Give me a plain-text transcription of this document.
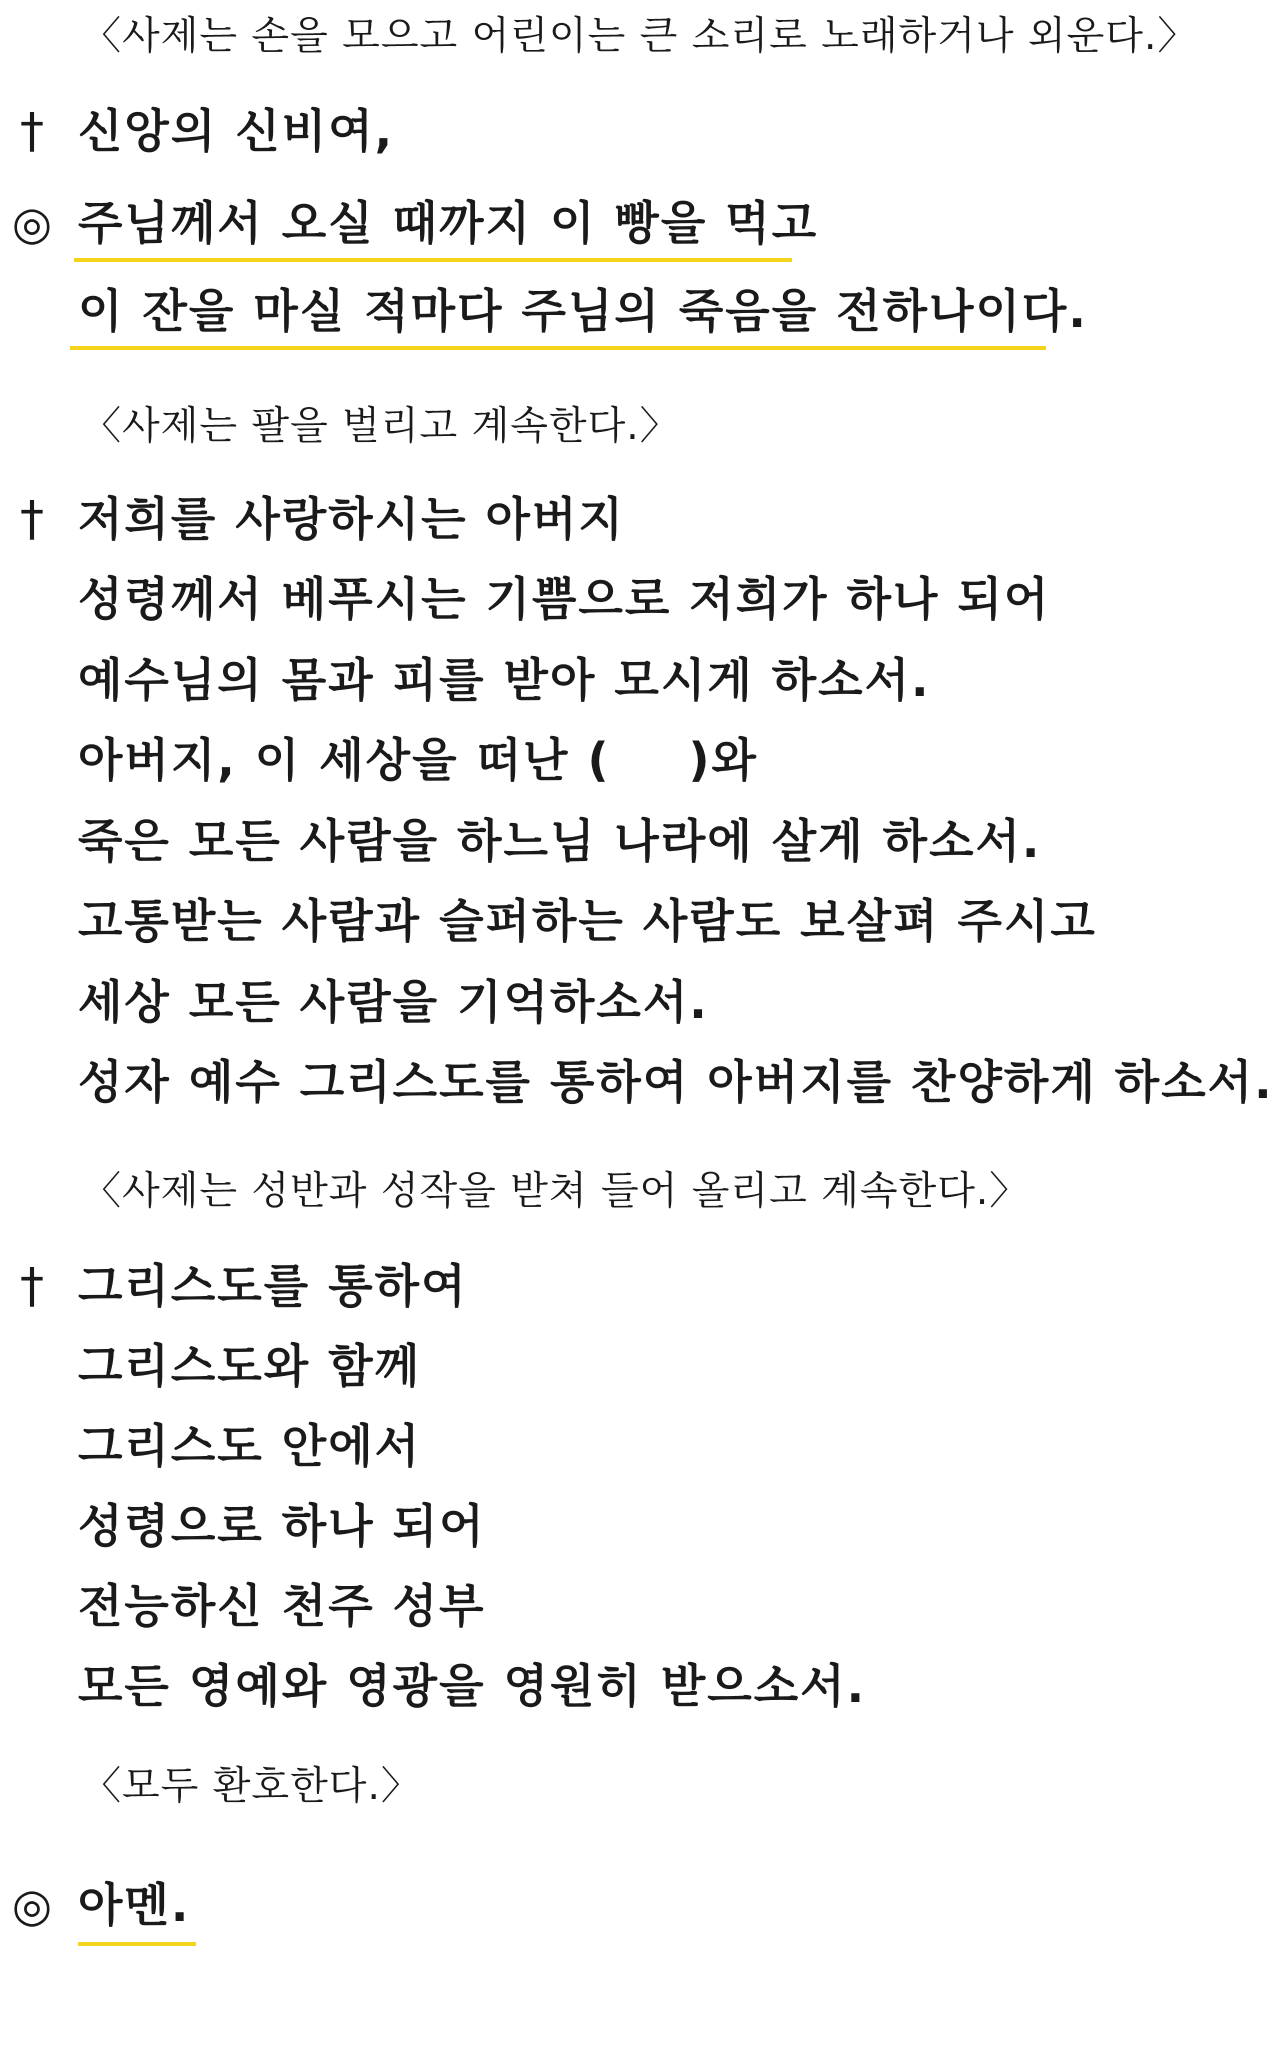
〈사제는 손을 모으고 어린이는 큰 소리로 노래하거나 외운다.〉
† 신앙의 신비여,
◎ 주님께서 오실 때까지 이 빵을 먹고
이 잔을 마실 적마다 주님의 죽음을 전하나이다.
〈사제는 팔을 벌리고 계속한다.〉
† 저희를 사랑하시는 아버지
성령께서 베푸시는 기쁨으로 저희가 하나 되어
예수님의 몸과 피를 받아 모시게 하소서.
아버지, 이 세상을 떠난 ( )와
죽은 모든 사람을 하느님 나라에 살게 하소서.
고통받는 사람과 슬퍼하는 사람도 보살펴 주시고
세상 모든 사람을 기억하소서.
성자 예수 그리스도를 통하여 아버지를 찬양하게 하소서.
〈사제는 성반과 성작을 받쳐 들어 올리고 계속한다.〉
† 그리스도를 통하여
그리스도와 함께
그리스도 안에서
성령으로 하나 되어
전능하신 천주 성부
모든 영예와 영광을 영원히 받으소서.
〈모두 환호한다.〉
◎ 아멘.
